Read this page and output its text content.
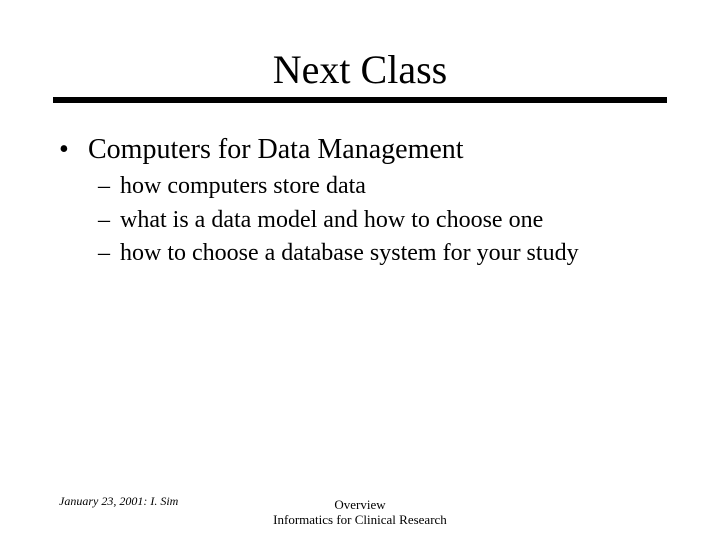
Next Class
• Computers for Data Management
– how computers store data
– what is a data model and how to choose one
– how to choose a database system for your study
January 23, 2001: I. Sim	Overview
Informatics for Clinical Research
